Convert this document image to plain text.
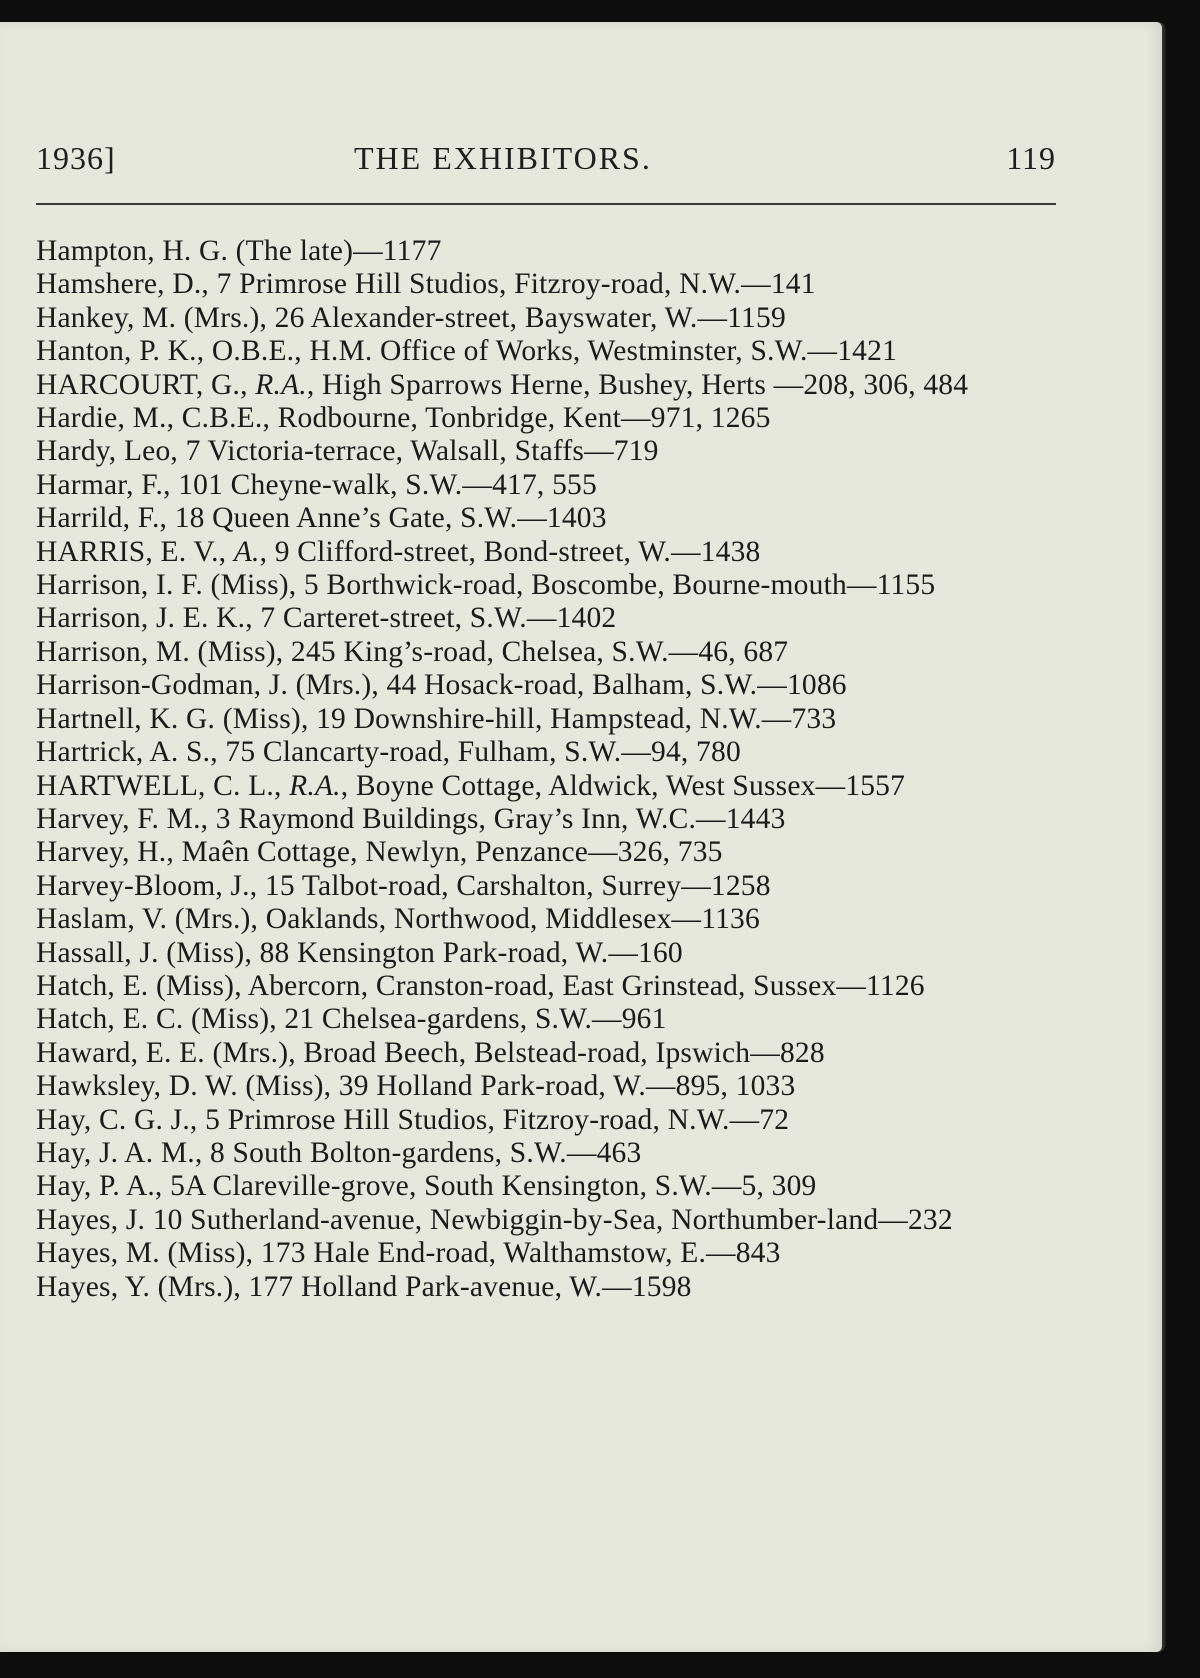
1936]	THE EXHIBITORS.	119
Hampton, H. G. (The late)—1177
Hamshere, D., 7 Primrose Hill Studios, Fitzroy-road, N.W.—141
Hankey, M. (Mrs.), 26 Alexander-street, Bayswater, W.—1159
Hanton, P. K., O.B.E., H.M. Office of Works, Westminster, S.W.—1421
HARCOURT, G., R.A., High Sparrows Herne, Bushey, Herts —208, 306, 484
Hardie, M., C.B.E., Rodbourne, Tonbridge, Kent—971, 1265
Hardy, Leo, 7 Victoria-terrace, Walsall, Staffs—719
Harmar, F., 101 Cheyne-walk, S.W.—417, 555
Harrild, F., 18 Queen Anne’s Gate, S.W.—1403
HARRIS, E. V., A., 9 Clifford-street, Bond-street, W.—1438
Harrison, I. F. (Miss), 5 Borthwick-road, Boscombe, Bourne-mouth—1155
Harrison, J. E. K., 7 Carteret-street, S.W.—1402
Harrison, M. (Miss), 245 King’s-road, Chelsea, S.W.—46, 687
Harrison-Godman, J. (Mrs.), 44 Hosack-road, Balham, S.W.—1086
Hartnell, K. G. (Miss), 19 Downshire-hill, Hampstead, N.W.—733
Hartrick, A. S., 75 Clancarty-road, Fulham, S.W.—94, 780
HARTWELL, C. L., R.A., Boyne Cottage, Aldwick, West Sussex—1557
Harvey, F. M., 3 Raymond Buildings, Gray’s Inn, W.C.—1443
Harvey, H., Maên Cottage, Newlyn, Penzance—326, 735
Harvey-Bloom, J., 15 Talbot-road, Carshalton, Surrey—1258
Haslam, V. (Mrs.), Oaklands, Northwood, Middlesex—1136
Hassall, J. (Miss), 88 Kensington Park-road, W.—160
Hatch, E. (Miss), Abercorn, Cranston-road, East Grinstead, Sussex—1126
Hatch, E. C. (Miss), 21 Chelsea-gardens, S.W.—961
Haward, E. E. (Mrs.), Broad Beech, Belstead-road, Ipswich—828
Hawksley, D. W. (Miss), 39 Holland Park-road, W.—895, 1033
Hay, C. G. J., 5 Primrose Hill Studios, Fitzroy-road, N.W.—72
Hay, J. A. M., 8 South Bolton-gardens, S.W.—463
Hay, P. A., 5A Clareville-grove, South Kensington, S.W.—5, 309
Hayes, J. 10 Sutherland-avenue, Newbiggin-by-Sea, Northumber-land—232
Hayes, M. (Miss), 173 Hale End-road, Walthamstow, E.—843
Hayes, Y. (Mrs.), 177 Holland Park-avenue, W.—1598
